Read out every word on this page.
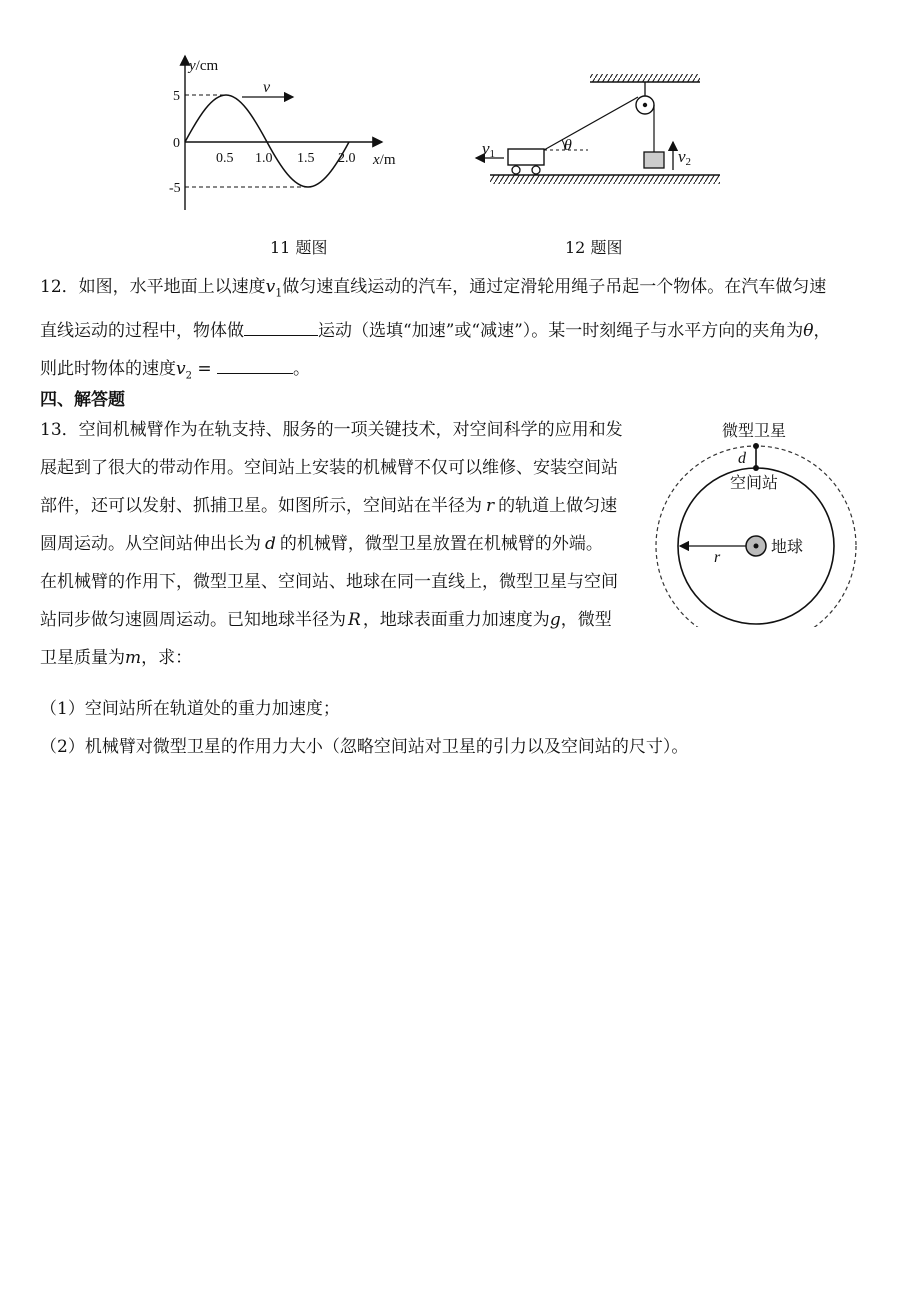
v
y/cm
x/m
0
5
-5
0.5 1.0 1.5 2.0
11 题图
θ
v1	v2
12 题图
12．如图，水平地面上以速度$v_1$做匀速直线运动的汽车，通过定滑轮用绳子吊起一个物体。在汽车做匀速
直线运动的过程中，物体做	运动（选填“加速”或“减速”）。某一时刻绳子与水平方向的夹角为θ，
则此时物体的速度$v_2$ =	。
四、解答题
13．空间机械臂作为在轨支持、服务的一项关键技术，对空间科学的应用和发
展起到了很大的带动作用。空间站上安装的机械臂不仅可以维修、安装空间站
部件，还可以发射、抓捕卫星。如图所示，空间站在半径为 r 的轨道上做匀速
圆周运动。从空间站伸出长为 d 的机械臂，微型卫星放置在机械臂的外端。
在机械臂的作用下，微型卫星、空间站、地球在同一直线上，微型卫星与空间
站同步做匀速圆周运动。已知地球半径为 R ，地球表面重力加速度为g，微型
卫星质量为m，求：
（1）空间站所在轨道处的重力加速度；
（2）机械臂对微型卫星的作用力大小（忽略空间站对卫星的引力以及空间站的尺寸）。
微型卫星
d
空间站
r
地球
